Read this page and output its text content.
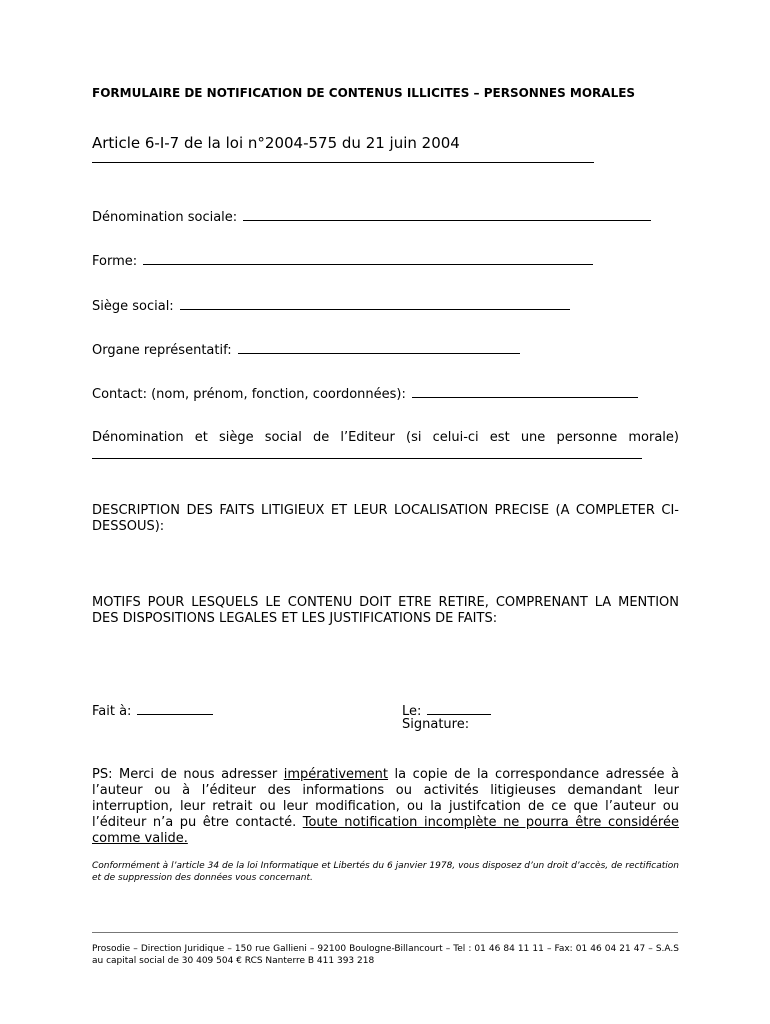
FORMULAIRE DE NOTIFICATION DE CONTENUS ILLICITES – PERSONNES MORALES
Article 6-I-7 de la loi n°2004-575 du 21 juin 2004
Dénomination sociale:
Forme:
Siège social:
Organe représentatif:
Contact: (nom, prénom, fonction, coordonnées):
Dénomination et siège social de l’Editeur (si celui-ci est une personne morale)
DESCRIPTION DES FAITS LITIGIEUX ET LEUR LOCALISATION PRECISE (A COMPLETER CI-DESSOUS):
MOTIFS POUR LESQUELS LE CONTENU DOIT ETRE RETIRE, COMPRENANT LA MENTION DES DISPOSITIONS LEGALES ET LES JUSTIFICATIONS DE FAITS:
Fait à:	Le:
Signature:
PS: Merci de nous adresser impérativement la copie de la correspondance adressée à l’auteur ou à l’éditeur des informations ou activités litigieuses demandant leur interruption, leur retrait ou leur modification, ou la justifcation de ce que l’auteur ou l’éditeur n’a pu être contacté. Toute notification incomplète ne pourra être considérée comme valide.
Conformément à l’article 34 de la loi Informatique et Libertés du 6 janvier 1978, vous disposez d’un droit d’accès, de rectification et de suppression des données vous concernant.
Prosodie – Direction Juridique – 150 rue Gallieni – 92100 Boulogne-Billancourt – Tel : 01 46 84 11 11 – Fax: 01 46 04 21 47 – S.A.S au capital social de 30 409 504 € RCS Nanterre B 411 393 218
